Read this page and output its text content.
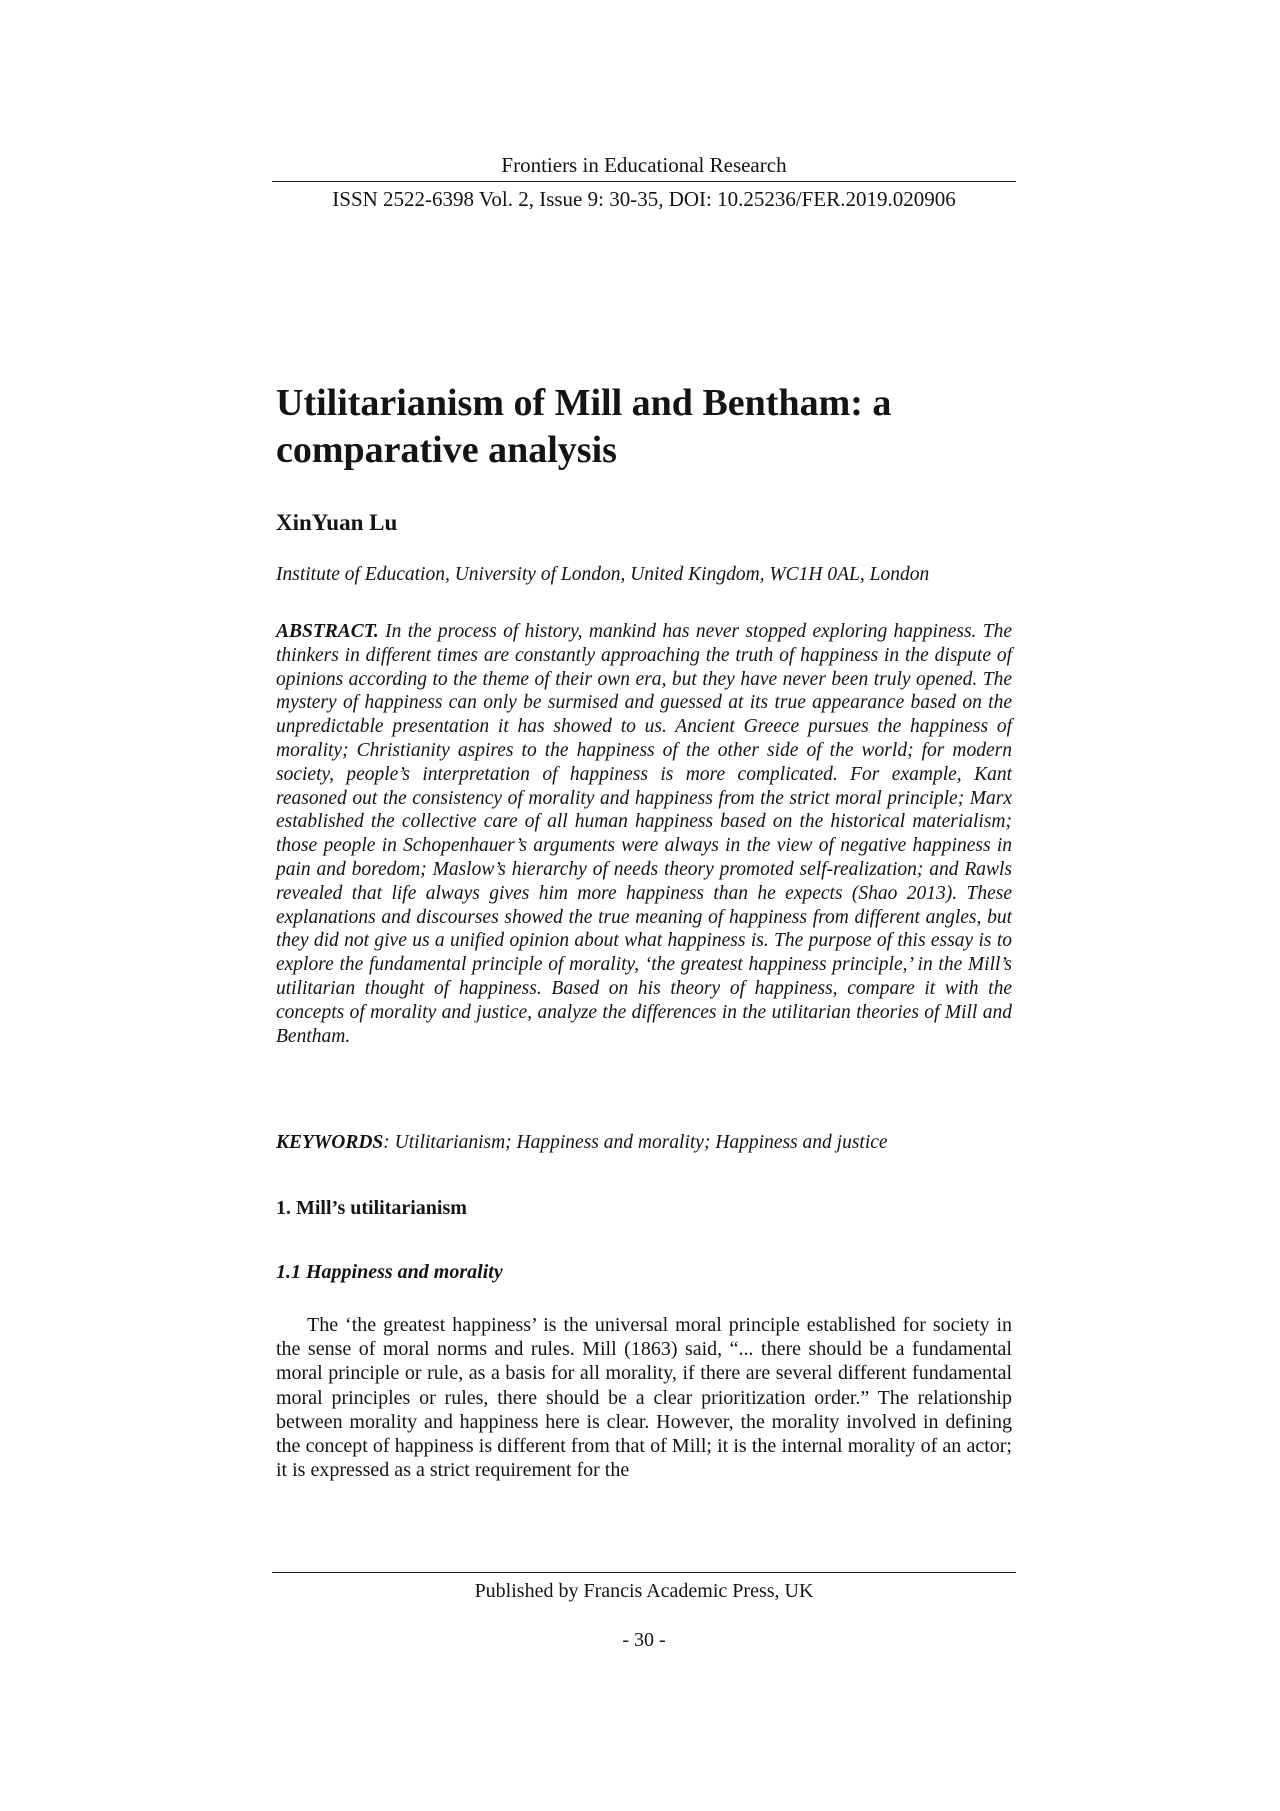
Frontiers in Educational Research
ISSN 2522-6398 Vol. 2, Issue 9: 30-35, DOI: 10.25236/FER.2019.020906
Utilitarianism of Mill and Bentham: a comparative analysis
XinYuan Lu
Institute of Education, University of London, United Kingdom, WC1H 0AL, London

ABSTRACT. In the process of history, mankind has never stopped exploring happiness. The thinkers in different times are constantly approaching the truth of happiness in the dispute of opinions according to the theme of their own era, but they have never been truly opened. The mystery of happiness can only be surmised and guessed at its true appearance based on the unpredictable presentation it has showed to us. Ancient Greece pursues the happiness of morality; Christianity aspires to the happiness of the other side of the world; for modern society, people’s interpretation of happiness is more complicated. For example, Kant reasoned out the consistency of morality and happiness from the strict moral principle; Marx established the collective care of all human happiness based on the historical materialism; those people in Schopenhauer’s arguments were always in the view of negative happiness in pain and boredom; Maslow’s hierarchy of needs theory promoted self-realization; and Rawls revealed that life always gives him more happiness than he expects (Shao 2013). These explanations and discourses showed the true meaning of happiness from different angles, but they did not give us a unified opinion about what happiness is. The purpose of this essay is to explore the fundamental principle of morality, ‘the greatest happiness principle,’ in the Mill’s utilitarian thought of happiness. Based on his theory of happiness, compare it with the concepts of morality and justice, analyze the differences in the utilitarian theories of Mill and Bentham.

KEYWORDS: Utilitarianism; Happiness and morality; Happiness and justice
1. Mill’s utilitarianism
1.1 Happiness and morality

The ‘the greatest happiness’ is the universal moral principle established for society in the sense of moral norms and rules. Mill (1863) said, “... there should be a fundamental moral principle or rule, as a basis for all morality, if there are several different fundamental moral principles or rules, there should be a clear prioritization order.” The relationship between morality and happiness here is clear. However, the morality involved in defining the concept of happiness is different from that of Mill; it is the internal morality of an actor; it is expressed as a strict requirement for the

Published by Francis Academic Press, UK
- 30 -
